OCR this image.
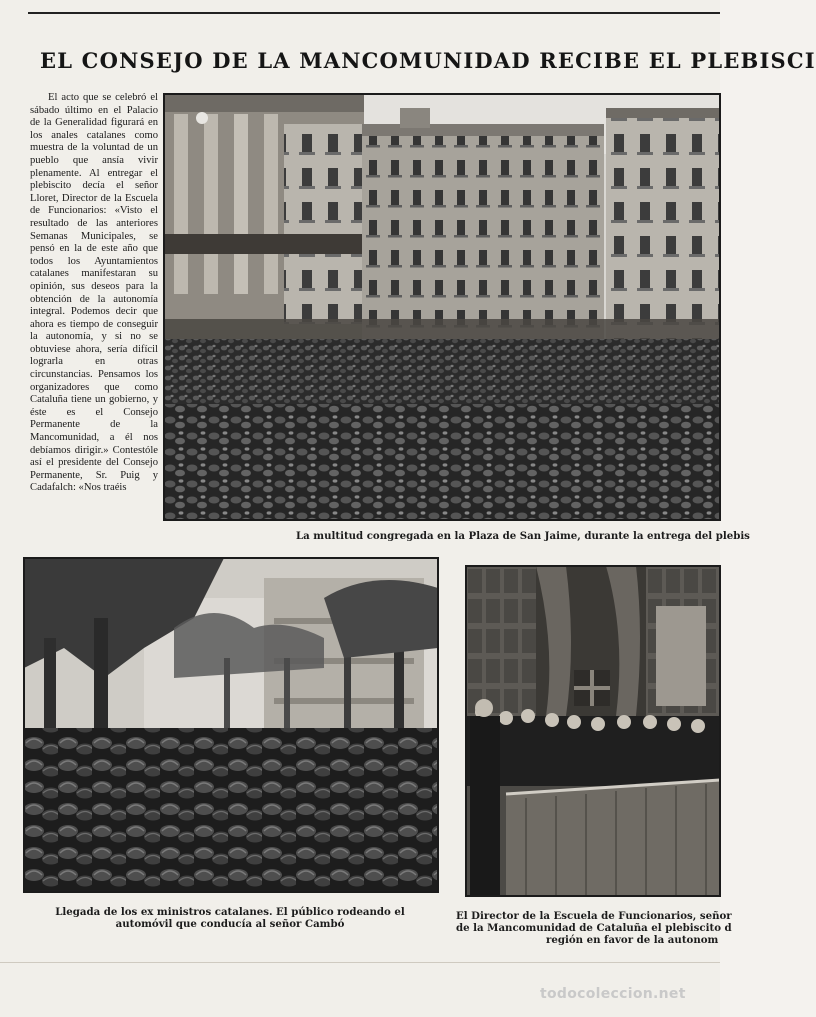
EL CONSEJO DE LA MANCOMUNIDAD RECIBE EL PLEBISCI
El acto que se celebró el sábado último en el Palacio de la Generalidad figurará en los anales catalanes como muestra de la voluntad de un pueblo que ansía vivir plenamente. Al entregar el plebiscito decía el señor Lloret, Director de la Escuela de Funcionarios: «Visto el resultado de las anteriores Semanas Municipales, se pensó en la de este año que todos los Ayuntamientos catalanes manifestaran su opinión, sus deseos para la obtención de la autonomía integral. Podemos decir que ahora es tiempo de conseguir la autonomía, y si no se obtuviese ahora, sería difícil lograrla en otras circunstancias. Pensamos los organizadores que como Cataluña tiene un gobierno, y éste es el Consejo Permanente de la Mancomunidad, a él nos debíamos dirigir.» Contestóle así el presidente del Consejo Permanente, Sr. Puig y Cadafalch: «Nos traéis
La multitud congregada en la Plaza de San Jaime, durante la entrega del plebis
Llegada de los ex ministros catalanes. El público rodeando el automóvil que conducía al señor Cambó
El Director de la Escuela de Funcionarios, señor
de la Mancomunidad de Cataluña el plebiscito d
región en favor de la autonom
todocoleccion.net
